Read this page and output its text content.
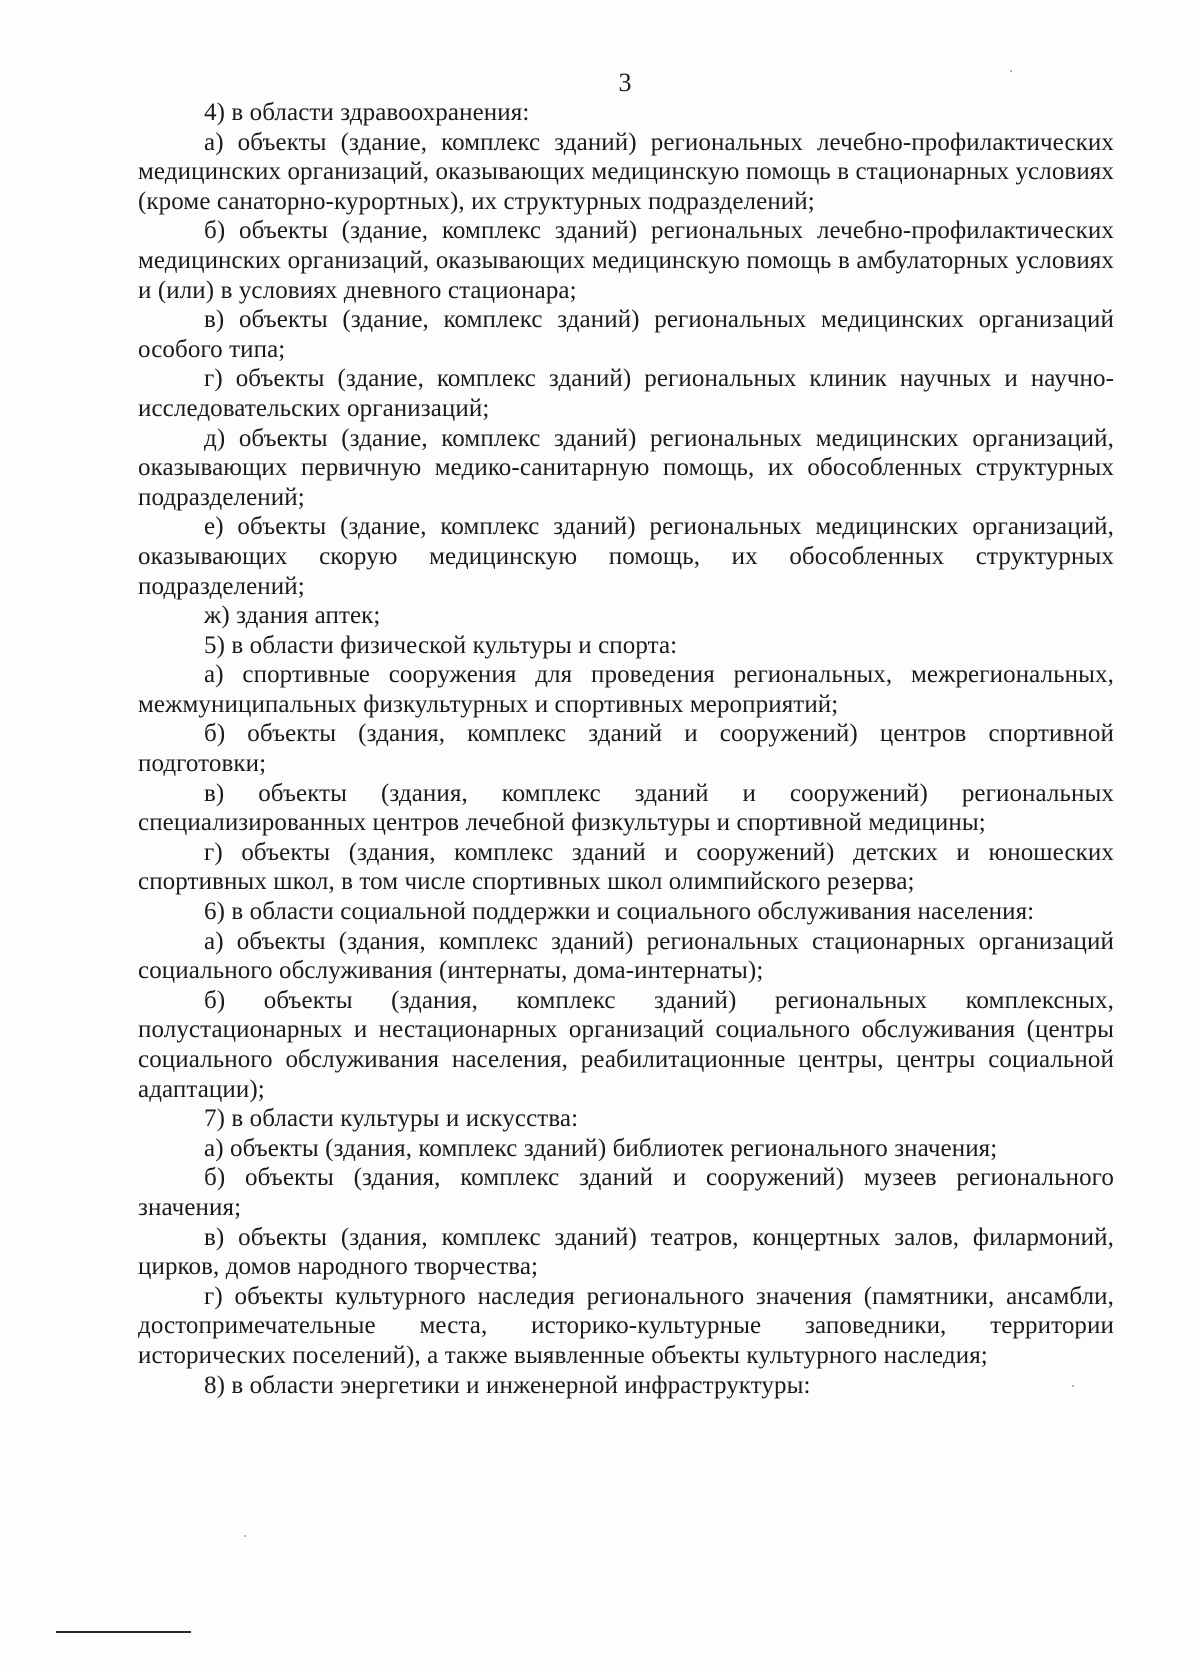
3

4) в области здравоохранения:

а) объекты (здание, комплекс зданий) региональных лечебно-профилактических медицинских организаций, оказывающих медицинскую помощь в стационарных условиях (кроме санаторно-курортных), их структурных подразделений;

б) объекты (здание, комплекс зданий) региональных лечебно-профилактических медицинских организаций, оказывающих медицинскую помощь в амбулаторных условиях и (или) в условиях дневного стационара;

в) объекты (здание, комплекс зданий) региональных медицинских организаций особого типа;

г) объекты (здание, комплекс зданий) региональных клиник научных и научно-исследовательских организаций;

д) объекты (здание, комплекс зданий) региональных медицинских организаций, оказывающих первичную медико-санитарную помощь, их обособленных структурных подразделений;

е) объекты (здание, комплекс зданий) региональных медицинских организаций, оказывающих скорую медицинскую помощь, их обособленных структурных подразделений;

ж) здания аптек;

5) в области физической культуры и спорта:

а) спортивные сооружения для проведения региональных, межрегиональных, межмуниципальных физкультурных и спортивных мероприятий;

б) объекты (здания, комплекс зданий и сооружений) центров спортивной подготовки;

в) объекты (здания, комплекс зданий и сооружений) региональных специализированных центров лечебной физкультуры и спортивной медицины;

г) объекты (здания, комплекс зданий и сооружений) детских и юношеских спортивных школ, в том числе спортивных школ олимпийского резерва;

6) в области социальной поддержки и социального обслуживания населения:

а) объекты (здания, комплекс зданий) региональных стационарных организаций социального обслуживания (интернаты, дома-интернаты);

б) объекты (здания, комплекс зданий) региональных комплексных, полустационарных и нестационарных организаций социального обслуживания (центры социального обслуживания населения, реабилитационные центры, центры социальной адаптации);

7) в области культуры и искусства:

а) объекты (здания, комплекс зданий) библиотек регионального значения;

б) объекты (здания, комплекс зданий и сооружений) музеев регионального значения;

в) объекты (здания, комплекс зданий) театров, концертных залов, филармоний, цирков, домов народного творчества;

г) объекты культурного наследия регионального значения (памятники, ансамбли, достопримечательные места, историко-культурные заповедники, территории исторических поселений), а также выявленные объекты культурного наследия;

8) в области энергетики и инженерной инфраструктуры:
